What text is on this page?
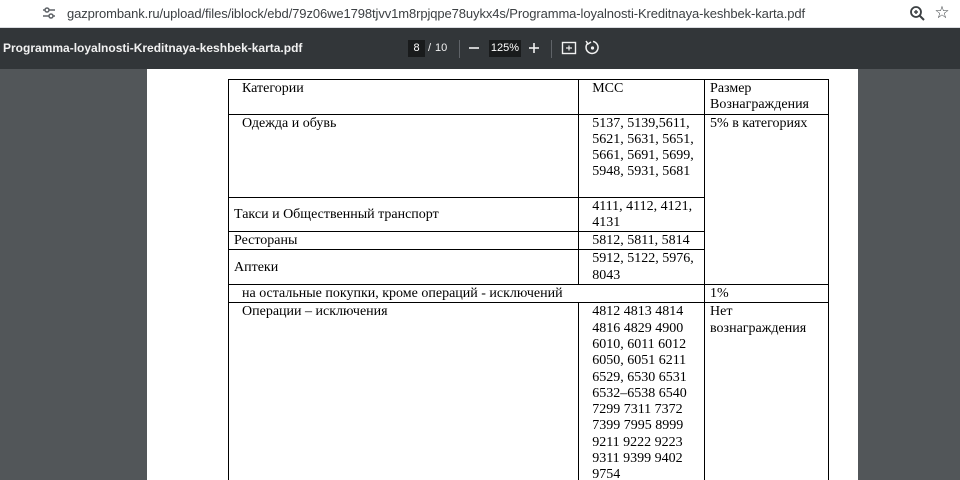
gazprombank.ru/upload/files/iblock/ebd/79z06we1798tjvv1m8rpjqpe78uykx4s/Programma-loyalnosti-Kreditnaya-keshbek-karta.pdf	☆
Programma-loyalnosti-Kreditnaya-keshbek-karta.pdf	8 / 10	125%
Категории	MCC	Размер Вознаграждения
Одежда и обувь	5137, 5139,5611, 5621, 5631, 5651, 5661, 5691, 5699, 5948, 5931, 5681	5% в категориях
Такси и Общественный транспорт	4111, 4112, 4121, 4131	
Рестораны	5812, 5811, 5814	
Аптеки	5912, 5122, 5976, 8043	
на остальные покупки, кроме операций - исключений		1%
Операции – исключения	4812 4813 4814 4816 4829 4900 6010, 6011 6012 6050, 6051 6211 6529, 6530 6531 6532–6538 6540 7299 7311 7372 7399 7995 8999 9211 9222 9223 9311 9399 9402 9754	Нет вознаграждения
